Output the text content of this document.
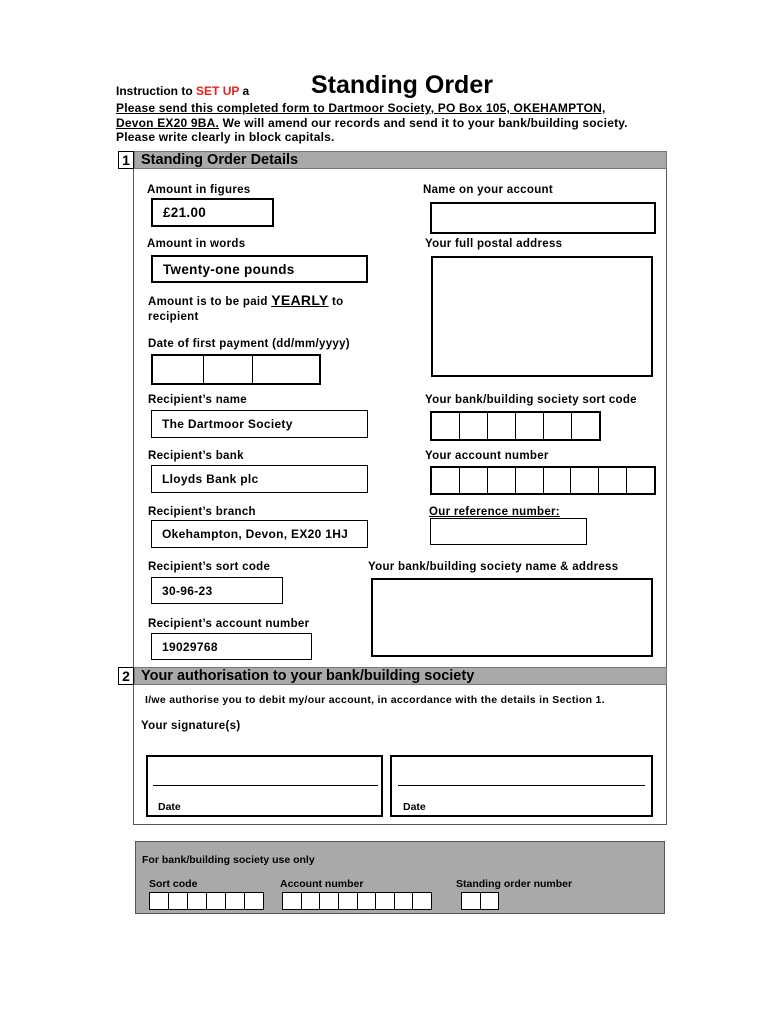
Instruction to SET UP a Standing Order
Please send this completed form to Dartmoor Society, PO Box 105, OKEHAMPTON,
Devon EX20 9BA. We will amend our records and send it to your bank/building society.
Please write clearly in block capitals.
1 Standing Order Details
Amount in figures
£21.00
Amount in words
Twenty-one pounds
Amount is to be paid YEARLY to
recipient
Date of first payment (dd/mm/yyyy)
Recipient’s name
The Dartmoor Society
Recipient’s bank
Lloyds Bank plc
Recipient’s branch
Okehampton, Devon, EX20 1HJ
Recipient’s sort code
30-96-23
Recipient’s account number
19029768
Name on your account
Your full postal address
Your bank/building society sort code
Your account number
Our reference number:
Your bank/building society name & address
2 Your authorisation to your bank/building society
I/we authorise you to debit my/our account, in accordance with the details in Section 1.
Your signature(s)
Date	Date
For bank/building society use only
Sort code	Account number	Standing order number
